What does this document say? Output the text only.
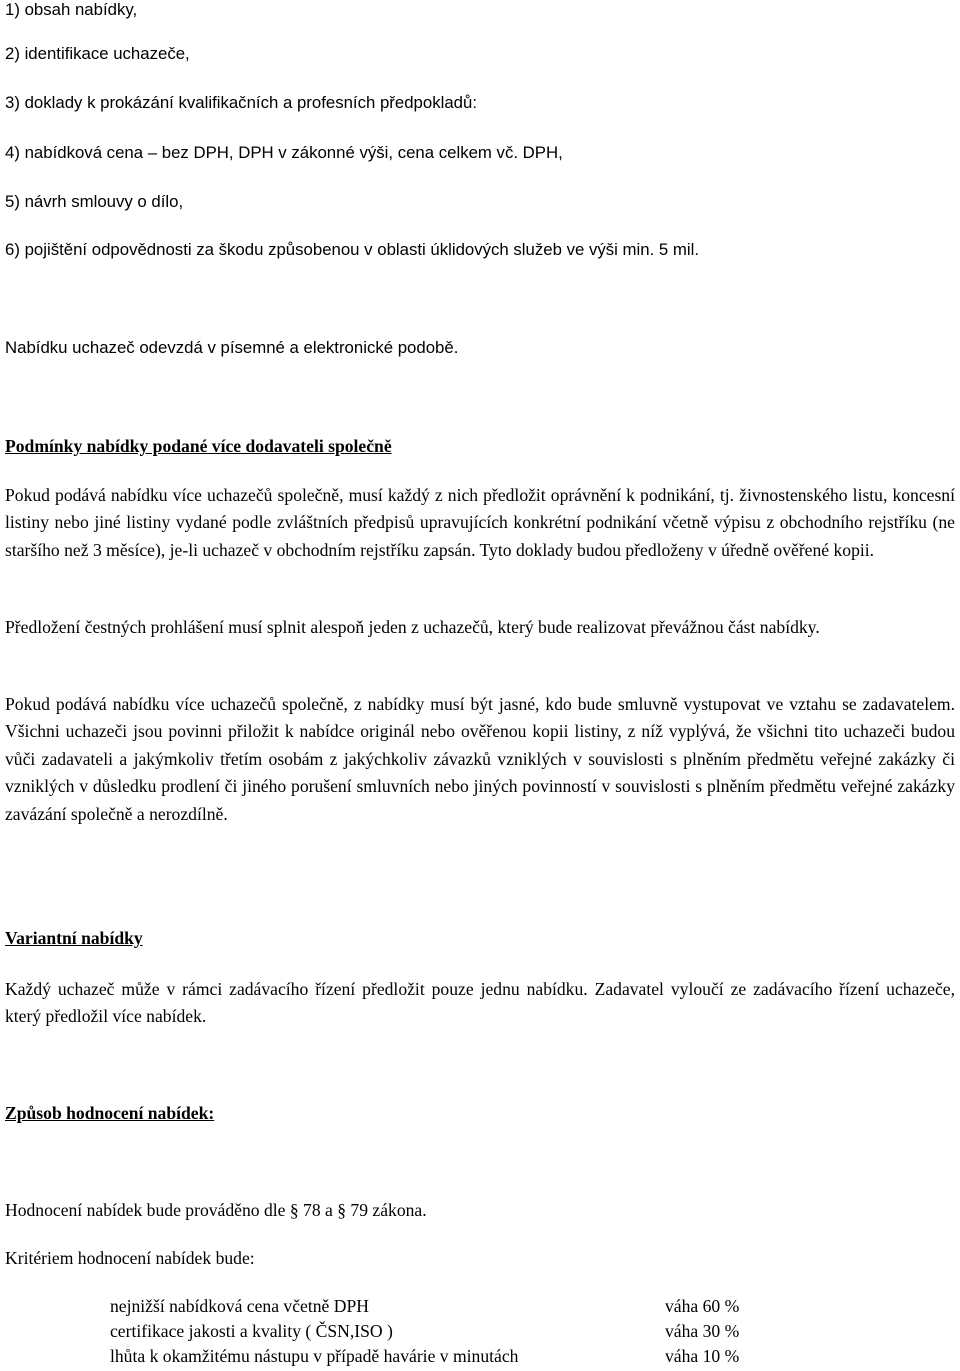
1) obsah nabídky,
2) identifikace uchazeče,
3) doklady k prokázání kvalifikačních a profesních předpokladů:
4) nabídková cena – bez DPH, DPH v zákonné výši, cena celkem vč. DPH,
5) návrh smlouvy o dílo,
6) pojištění odpovědnosti za škodu způsobenou v oblasti úklidových služeb ve výši min. 5 mil.
Nabídku uchazeč odevzdá v písemné a elektronické podobě.
Podmínky nabídky podané více dodavateli společně
Pokud podává nabídku více uchazečů společně, musí každý z nich předložit oprávnění k podnikání, tj. živnostenského listu, koncesní listiny nebo jiné listiny vydané podle zvláštních předpisů upravujících konkrétní podnikání včetně výpisu z obchodního rejstříku (ne staršího než 3 měsíce), je-li uchazeč v obchodním rejstříku zapsán. Tyto doklady budou předloženy v úředně ověřené kopii.
Předložení čestných prohlášení musí splnit alespoň jeden z uchazečů, který bude realizovat převážnou část nabídky.
Pokud podává nabídku více uchazečů společně, z nabídky musí být jasné, kdo bude smluvně vystupovat ve vztahu se zadavatelem. Všichni uchazeči jsou povinni přiložit k nabídce originál nebo ověřenou kopii listiny, z níž vyplývá, že všichni tito uchazeči budou vůči zadavateli a jakýmkoliv třetím osobám z jakýchkoliv závazků vzniklých v souvislosti s plněním předmětu veřejné zakázky či vzniklých v důsledku prodlení či jiného porušení smluvních nebo jiných povinností v souvislosti s plněním předmětu veřejné zakázky zavázání společně a nerozdílně.
Variantní nabídky
Každý uchazeč může v rámci zadávacího řízení předložit pouze jednu nabídku. Zadavatel vyloučí ze zadávacího řízení uchazeče, který předložil více nabídek.
Způsob hodnocení nabídek:
Hodnocení nabídek bude prováděno dle § 78 a § 79 zákona.
Kritériem hodnocení nabídek bude:
nejnižší nabídková cena včetně DPH	váha 60 %
certifikace jakosti a kvality ( ČSN,ISO )	váha 30 %
lhůta k okamžitému nástupu v případě havárie v minutách	váha 10 %
